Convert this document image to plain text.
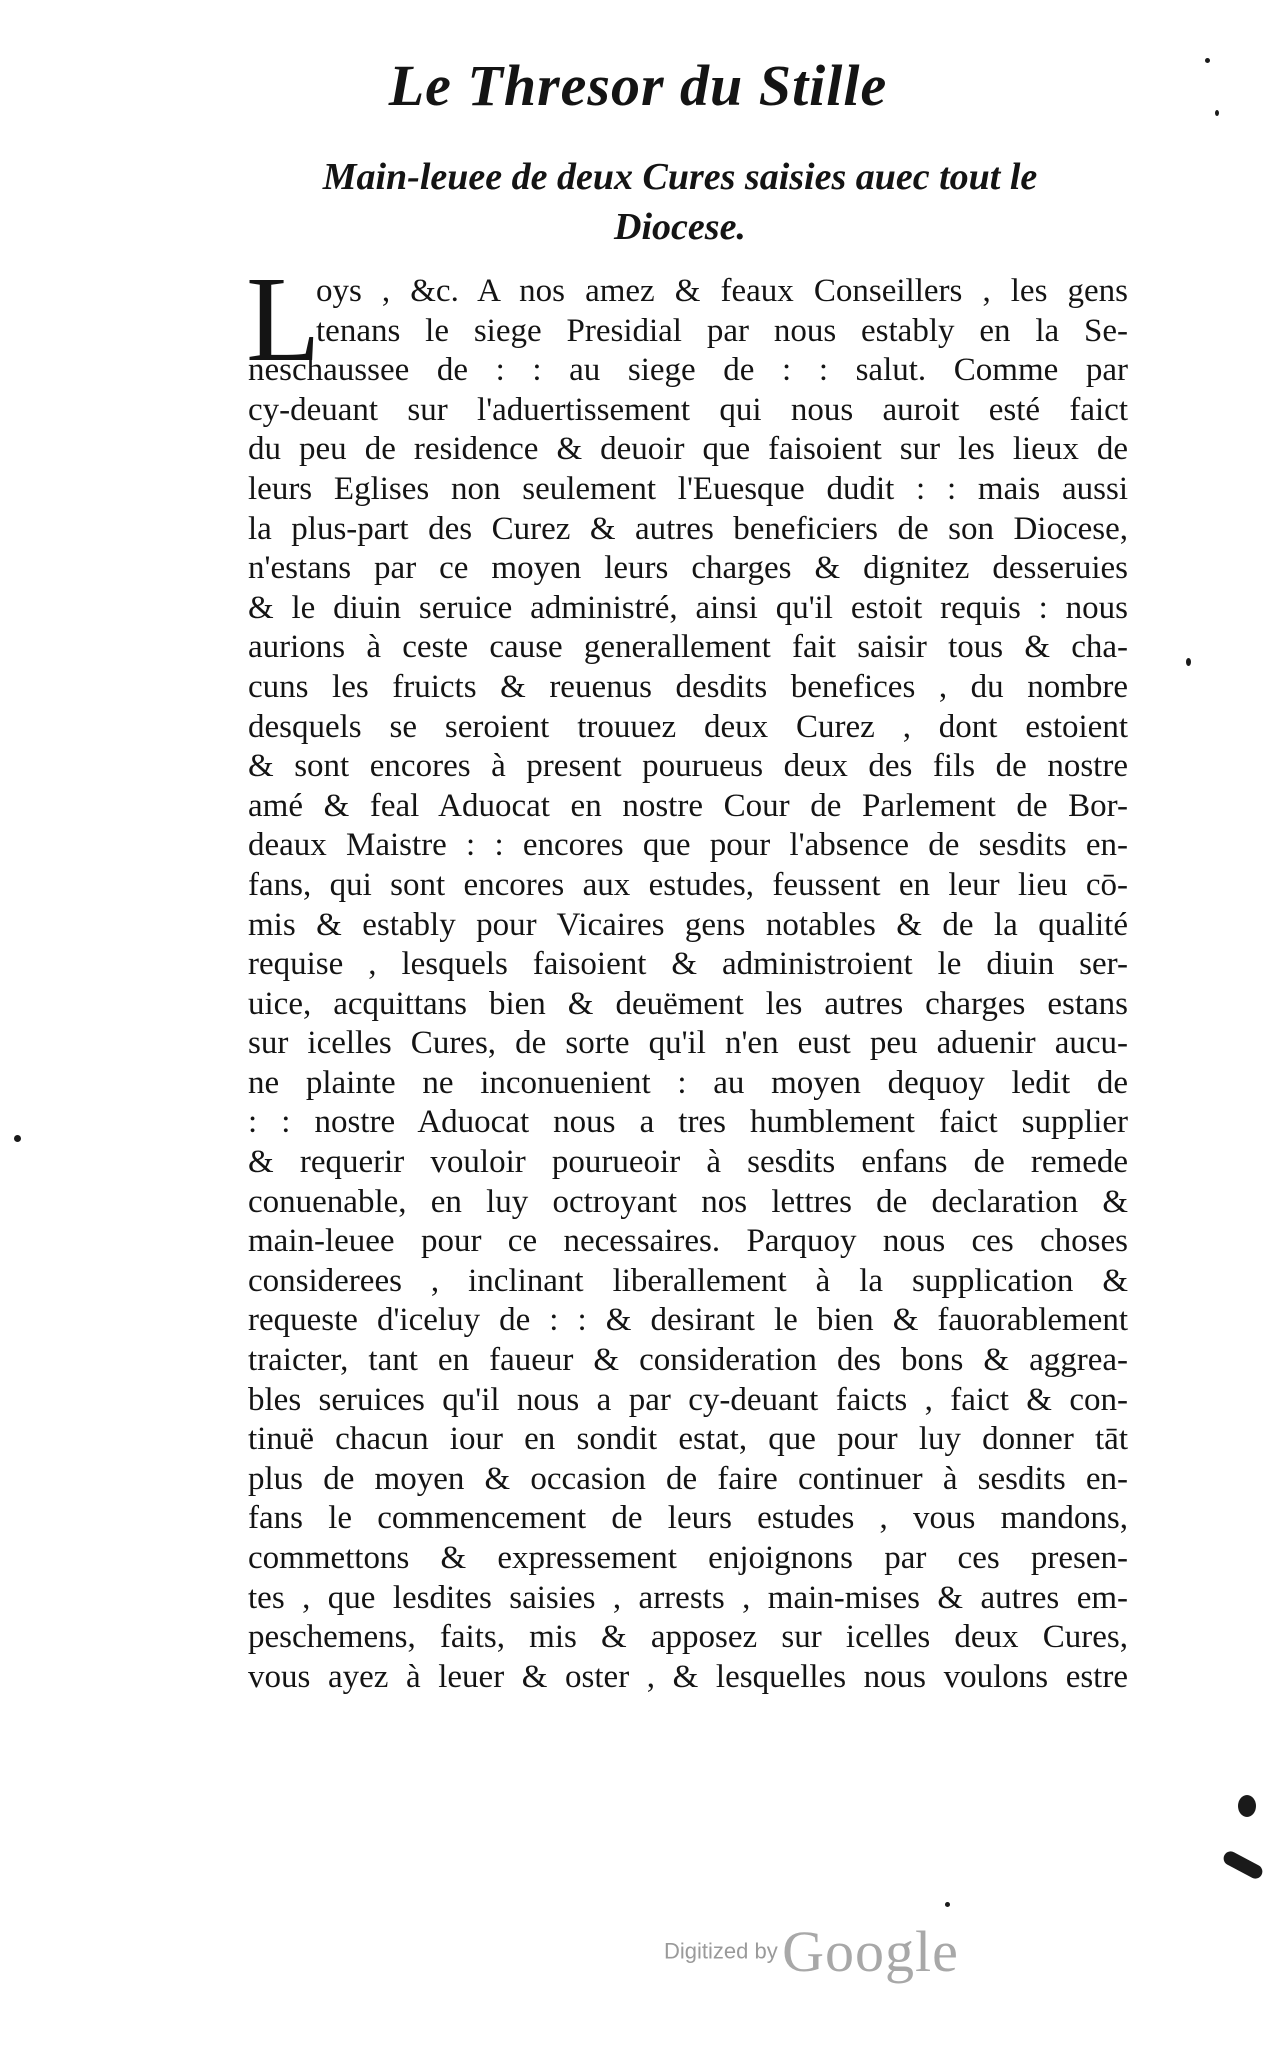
Le Thresor du Stille
Main-leuee de deux Cures saisies auec tout le
Diocese.
L
oys , &c. A nos amez & feaux Conseillers , les gens
tenans le siege Presidial par nous estably en la Se-
neschaussee de : : au siege de : : salut. Comme par
cy-deuant sur l'aduertissement qui nous auroit esté faict
du peu de residence & deuoir que faisoient sur les lieux de
leurs Eglises non seulement l'Euesque dudit : : mais aussi
la plus-part des Curez & autres beneficiers de son Diocese,
n'estans par ce moyen leurs charges & dignitez desseruies
& le diuin seruice administré, ainsi qu'il estoit requis : nous
aurions à ceste cause generallement fait saisir tous & cha-
cuns les fruicts & reuenus desdits benefices , du nombre
desquels se seroient trouuez deux Curez , dont estoient
& sont encores à present pourueus deux des fils de nostre
amé & feal Aduocat en nostre Cour de Parlement de Bor-
deaux Maistre : : encores que pour l'absence de sesdits en-
fans, qui sont encores aux estudes, feussent en leur lieu cō-
mis & estably pour Vicaires gens notables & de la qualité
requise , lesquels faisoient & administroient le diuin ser-
uice, acquittans bien & deuëment les autres charges estans
sur icelles Cures, de sorte qu'il n'en eust peu aduenir aucu-
ne plainte ne inconuenient : au moyen dequoy ledit de
: : nostre Aduocat nous a tres humblement faict supplier
& requerir vouloir pourueoir à sesdits enfans de remede
conuenable, en luy octroyant nos lettres de declaration &
main-leuee pour ce necessaires. Parquoy nous ces choses
considerees , inclinant liberallement à la supplication &
requeste d'iceluy de : : & desirant le bien & fauorablement
traicter, tant en faueur & consideration des bons & aggrea-
bles seruices qu'il nous a par cy-deuant faicts , faict & con-
tinuë chacun iour en sondit estat, que pour luy donner tāt
plus de moyen & occasion de faire continuer à sesdits en-
fans le commencement de leurs estudes , vous mandons,
commettons & expressement enjoignons par ces presen-
tes , que lesdites saisies , arrests , main-mises & autres em-
peschemens, faits, mis & apposez sur icelles deux Cures,
vous ayez à leuer & oster , & lesquelles nous voulons estre
Digitized by Google
